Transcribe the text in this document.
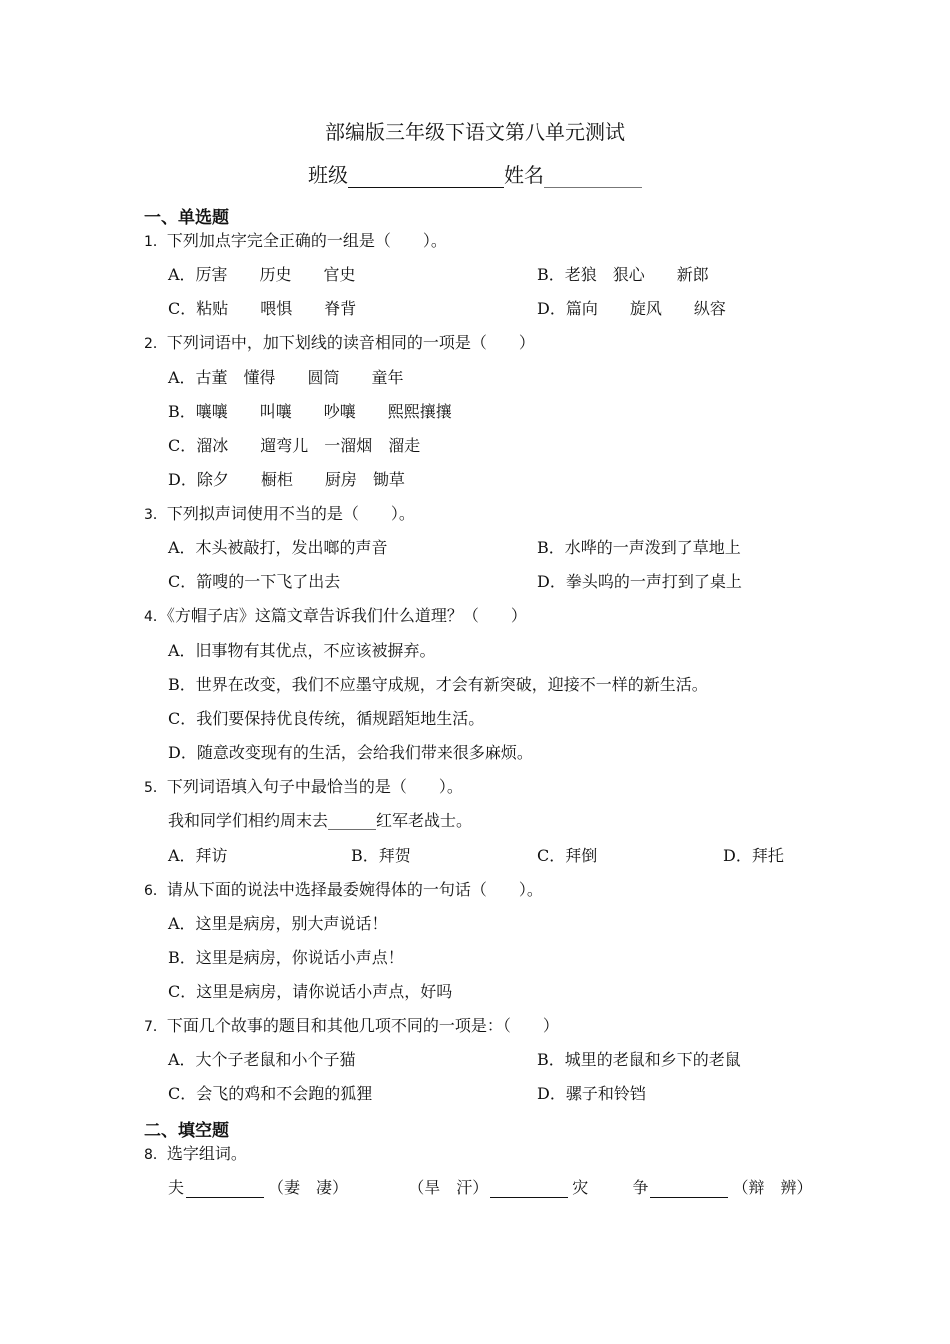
部编版三年级下语文第八单元测试
班级	姓名
一、单选题
1．下列加点字完全正确的一组是（　　）。
A．厉害　　历史　　官史	B．老狼　狠心　　新郎
C．粘贴　　喂惧　　脊背	D．篇向　　旋风　　纵容
2．下列词语中，加下划线的读音相同的一项是（　　）
A．古董　懂得　　圆筒　　童年
B．嚷嚷　　叫嚷　　吵嚷　　熙熙攘攘
C．溜冰　　遛弯儿　一溜烟　溜走
D．除夕　　橱柜　　厨房　锄草
3．下列拟声词使用不当的是（　　）。
A．木头被敲打，发出啷的声音	B．水哗的一声泼到了草地上
C．箭嗖的一下飞了出去	D．拳头呜的一声打到了桌上
4．《方帽子店》这篇文章告诉我们什么道理？（　　）
A．旧事物有其优点，不应该被摒弃。
B．世界在改变，我们不应墨守成规，才会有新突破，迎接不一样的新生活。
C．我们要保持优良传统，循规蹈矩地生活。
D．随意改变现有的生活，会给我们带来很多麻烦。
5．下列词语填入句子中最恰当的是（　　）。
我和同学们相约周末去______红军老战士。
A．拜访	B．拜贺	C．拜倒	D．拜托
6．请从下面的说法中选择最委婉得体的一句话（　　）。
A．这里是病房，别大声说话！
B．这里是病房，你说话小声点！
C．这里是病房，请你说话小声点，好吗
7．下面几个故事的题目和其他几项不同的一项是：（　　）
A．大个子老鼠和小个子猫	B．城里的老鼠和乡下的老鼠
C．会飞的鸡和不会跑的狐狸	D．骡子和铃铛
二、填空题
8．选字组词。
夫	（妻　凄）	（旱　汗）	灾	争	（辩　辨）
